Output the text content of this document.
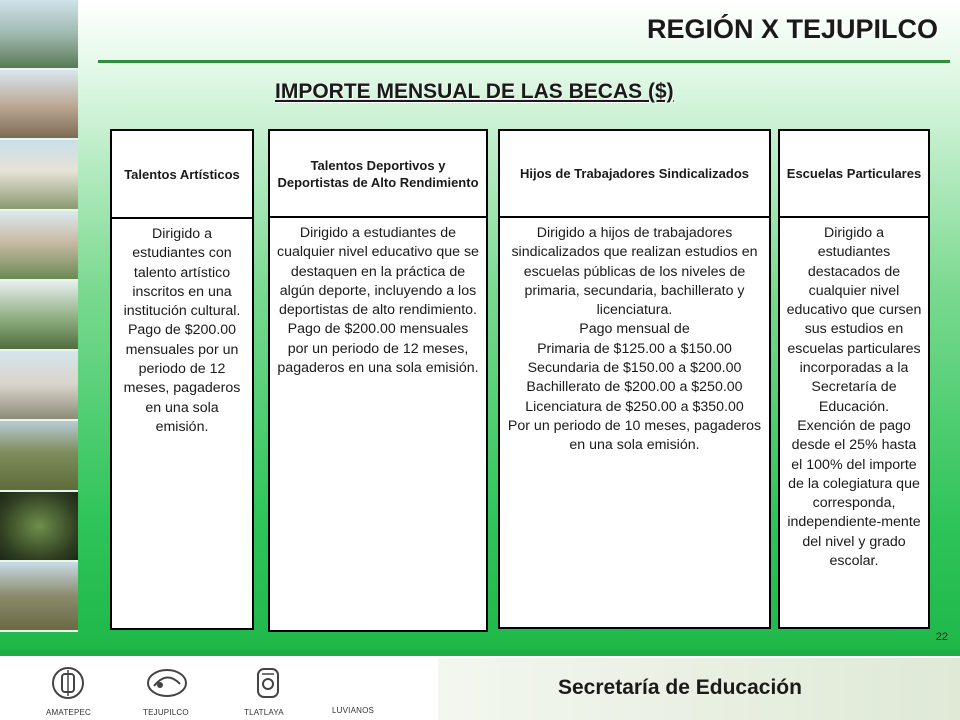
REGIÓN X TEJUPILCO
IMPORTE MENSUAL DE LAS BECAS ($)
Talentos Artísticos
Dirigido a estudiantes con talento artístico inscritos en una institución cultural.
Pago de $200.00 mensuales por un periodo de 12 meses, pagaderos en una sola emisión.
Talentos Deportivos y Deportistas de Alto Rendimiento
Dirigido a estudiantes de cualquier nivel educativo que se destaquen en la práctica de algún deporte, incluyendo a los deportistas de alto rendimiento.
Pago de $200.00 mensuales por un periodo de 12 meses, pagaderos en una sola emisión.
Hijos de Trabajadores Sindicalizados
Dirigido a hijos de trabajadores sindicalizados que realizan estudios en escuelas públicas de los niveles de primaria, secundaria, bachillerato y licenciatura.
Pago mensual de
Primaria de $125.00 a $150.00
Secundaria de $150.00 a $200.00
Bachillerato de $200.00 a $250.00
Licenciatura de $250.00 a $350.00
Por un periodo de 10 meses, pagaderos en una sola emisión.
Escuelas Particulares
Dirigido a estudiantes destacados de cualquier nivel educativo que cursen sus estudios en escuelas particulares incorporadas a la Secretaría de Educación.
Exención de pago desde el 25% hasta el 100% del importe de la colegiatura que corresponda, independiente-mente del nivel y grado escolar.
22
AMATEPEC	TEJUPILCO	TLATLAYA	LUVIANOS
Secretaría de Educación
